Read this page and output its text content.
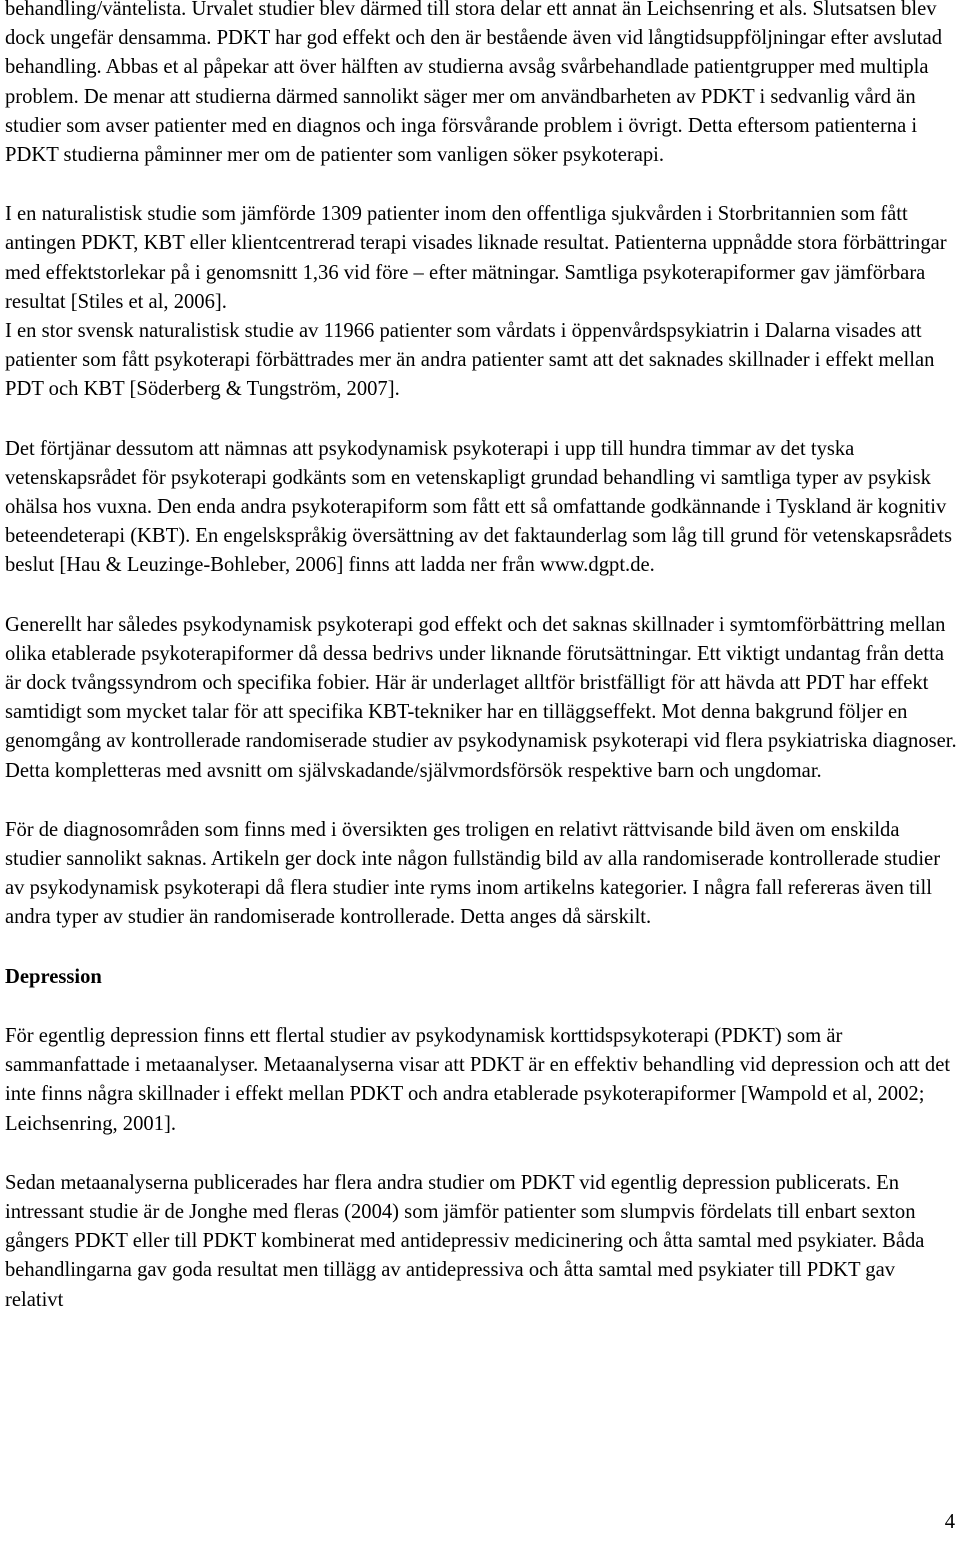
behandling/väntelista. Urvalet studier blev därmed till stora delar ett annat än Leichsenring et als. Slutsatsen blev dock ungefär densamma. PDKT har god effekt och den är bestående även vid långtidsuppföljningar efter avslutad behandling. Abbas et al påpekar att över hälften av studierna avsåg svårbehandlade patientgrupper med multipla problem. De menar att studierna därmed sannolikt säger mer om användbarheten av PDKT i sedvanlig vård än studier som avser patienter med en diagnos och inga försvårande problem i övrigt. Detta eftersom patienterna i PDKT studierna påminner mer om de patienter som vanligen söker psykoterapi.

I en naturalistisk studie som jämförde 1309 patienter inom den offentliga sjukvården i Storbritannien som fått antingen PDKT, KBT eller klientcentrerad terapi visades liknade resultat. Patienterna uppnådde stora förbättringar med effektstorlekar på i genomsnitt 1,36 vid före – efter mätningar. Samtliga psykoterapiformer gav jämförbara resultat [Stiles et al, 2006].

I en stor svensk naturalistisk studie av 11966 patienter som vårdats i öppenvårdspsykiatrin i Dalarna visades att patienter som fått psykoterapi förbättrades mer än andra patienter samt att det saknades skillnader i effekt mellan PDT och KBT [Söderberg & Tungström, 2007].

Det förtjänar dessutom att nämnas att psykodynamisk psykoterapi i upp till hundra timmar av det tyska vetenskapsrådet för psykoterapi godkänts som en vetenskapligt grundad behandling vi samtliga typer av psykisk ohälsa hos vuxna. Den enda andra psykoterapiform som fått ett så omfattande godkännande i Tyskland är kognitiv beteendeterapi (KBT). En engelskspråkig översättning av det faktaunderlag som låg till grund för vetenskapsrådets beslut [Hau & Leuzinge-Bohleber, 2006] finns att ladda ner från www.dgpt.de.

Generellt har således psykodynamisk psykoterapi god effekt och det saknas skillnader i symtomförbättring mellan olika etablerade psykoterapiformer då dessa bedrivs under liknande förutsättningar. Ett viktigt undantag från detta är dock tvångssyndrom och specifika fobier. Här är underlaget alltför bristfälligt för att hävda att PDT har effekt samtidigt som mycket talar för att specifika KBT-tekniker har en tilläggseffekt. Mot denna bakgrund följer en genomgång av kontrollerade randomiserade studier av psykodynamisk psykoterapi vid flera psykiatriska diagnoser. Detta kompletteras med avsnitt om självskadande/självmordsförsök respektive barn och ungdomar.

För de diagnosområden som finns med i översikten ges troligen en relativt rättvisande bild även om enskilda studier sannolikt saknas. Artikeln ger dock inte någon fullständig bild av alla randomiserade kontrollerade studier av psykodynamisk psykoterapi då flera studier inte ryms inom artikelns kategorier. I några fall refereras även till andra typer av studier än randomiserade kontrollerade. Detta anges då särskilt.

Depression

För egentlig depression finns ett flertal studier av psykodynamisk korttidspsykoterapi (PDKT) som är sammanfattade i metaanalyser. Metaanalyserna visar att PDKT är en effektiv behandling vid depression och att det inte finns några skillnader i effekt mellan PDKT och andra etablerade psykoterapiformer [Wampold et al, 2002; Leichsenring, 2001].

Sedan metaanalyserna publicerades har flera andra studier om PDKT vid egentlig depression publicerats. En intressant studie är de Jonghe med fleras (2004) som jämför patienter som slumpvis fördelats till enbart sexton gångers PDKT eller till PDKT kombinerat med antidepressiv medicinering och åtta samtal med psykiater. Båda behandlingarna gav goda resultat men tillägg av antidepressiva och åtta samtal med psykiater till PDKT gav relativt

4
